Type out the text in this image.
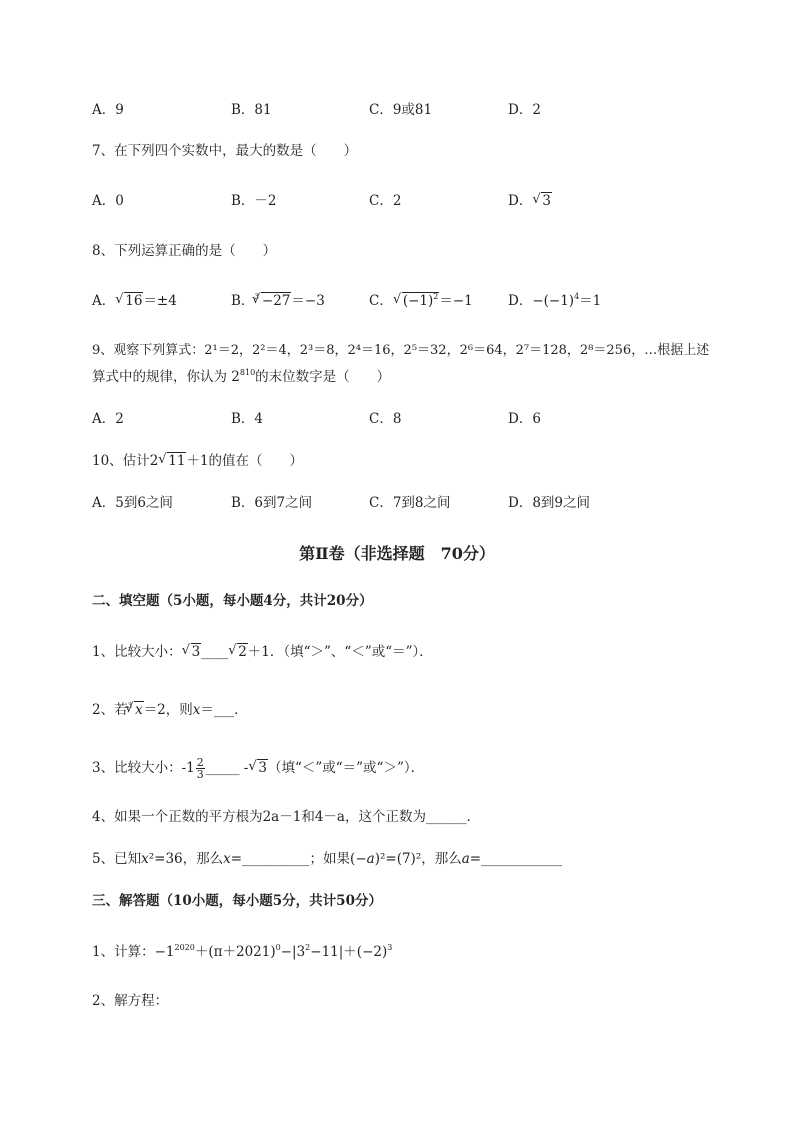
A．9	B．81	C．9或81	D．2
7、在下列四个实数中，最大的数是（　　）
A．0	B．－2	C．2	D． √ 3
8、下列运算正确的是（　　）
A． √ 16＝±4	B．$^3$ √ −27＝−3	C． √ $(-1)^2=-1$	D．$-(-1)^4=1$
9、观察下列算式：2¹＝2，2²＝4，2³＝8，2⁴＝16，2⁵＝32，2⁶＝64，2⁷＝128，2⁸＝256，…根据上述
算式中的规律，你认为 $2^{810}$的末位数字是（　　）
A．2	B．4	C．8	D．6
10、估计2 √ 11＋1的值在（　　）
A．5到6之间	B．6到7之间	C．7到8之间	D．8到9之间
第Ⅱ卷（非选择题　70分）
二、填空题（5小题，每小题4分，共计20分）
1、比较大小： √ 3____ √ 2＋1．（填“＞”、“＜”或“＝”）．
2、若$^3$ √ x＝2，则x＝___．
3、比较大小：$-1 \frac{2}{3}$ _____ - √ 3（填“＜”或“＝”或“＞”）．
4、如果一个正数的平方根为2a－1和4－a，这个正数为______．
5、已知x²=36，那么x=__________；如果(−a)²=(7)²，那么a=____________
三、解答题（10小题，每小题5分，共计50分）
1、计算：$-1^{2020}+(\pi+2021)^0-|3^2-11|+(-2)^3$
2、解方程：
